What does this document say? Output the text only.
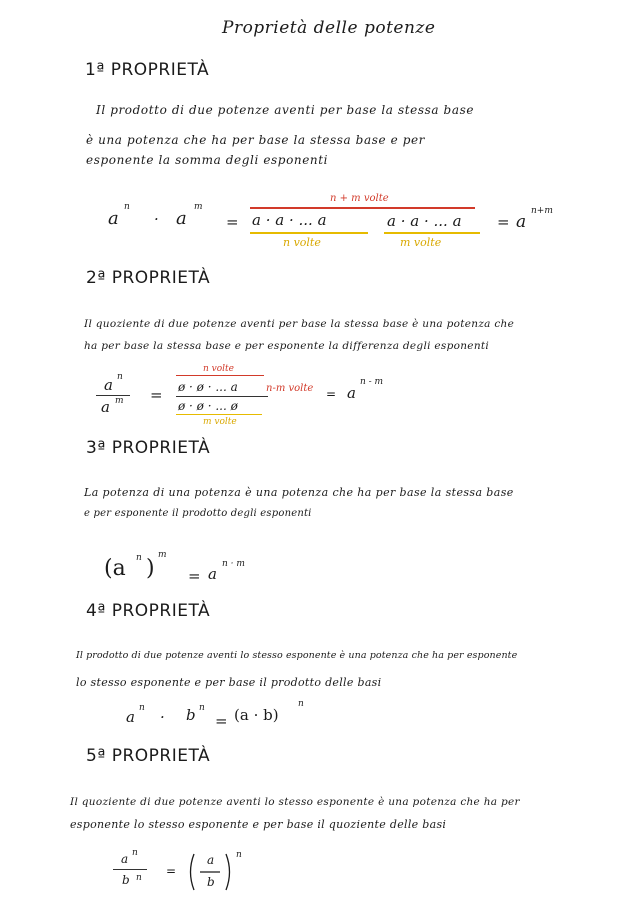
Proprietà delle potenze
1ª PROPRIETÀ
Il prodotto di due potenze aventi per base la stessa base
è una potenza che ha per base la stessa base e per
esponente la somma degli esponenti
n + m volte
a
n
· a
m
= a · a · ... a	a · a · ... a
n volte	m volte
= a
n+m
2ª PROPRIETÀ
Il quoziente di due potenze aventi per base la stessa base è una potenza che
ha per base la stessa base e per esponente la differenza degli esponenti
a n
a m =
n volte
ø · ø · ... a	n-m volte
ø · ø · ... ø
m volte
= a
n - m
3ª PROPRIETÀ
La potenza di una potenza è una potenza che ha per base la stessa base
e per esponente il prodotto degli esponenti
(a n )
m
= a
n · m
4ª PROPRIETÀ
Il prodotto di due potenze aventi lo stesso esponente è una potenza che ha per esponente
lo stesso esponente e per base il prodotto delle basi
a n · b n
= (a · b)
n
5ª PROPRIETÀ
Il quoziente di due potenze aventi lo stesso esponente è una potenza che ha per
esponente lo stesso esponente e per base il quoziente delle basi
a n
b n =
a
b
n
